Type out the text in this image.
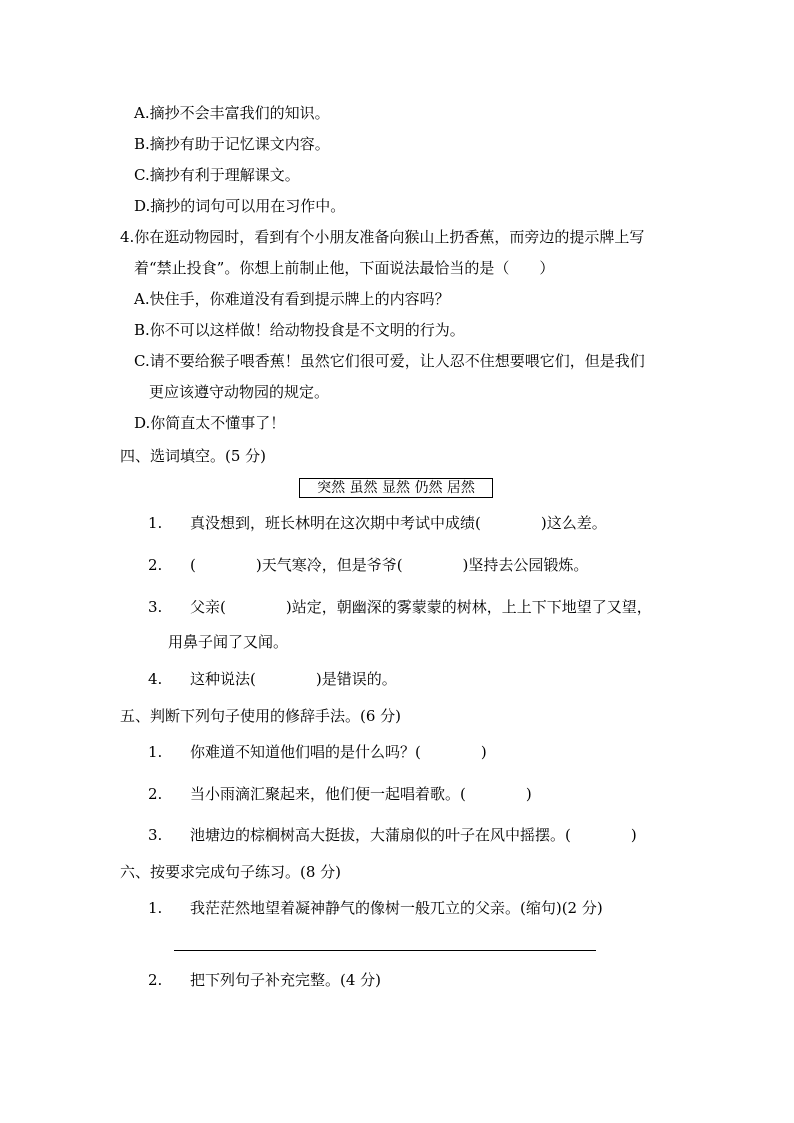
A.摘抄不会丰富我们的知识。
B.摘抄有助于记忆课文内容。
C.摘抄有利于理解课文。
D.摘抄的词句可以用在习作中。
4.你在逛动物园时，看到有个小朋友准备向猴山上扔香蕉，而旁边的提示牌上写
着“禁止投食”。你想上前制止他，下面说法最恰当的是（　　）
A.快住手，你难道没有看到提示牌上的内容吗？
B.你不可以这样做！给动物投食是不文明的行为。
C.请不要给猴子喂香蕉！虽然它们很可爱，让人忍不住想要喂它们，但是我们
更应该遵守动物园的规定。
D.你简直太不懂事了！
四、选词填空。(5 分)
突然 虽然 显然 仍然 居然
1.	真没想到，班长林明在这次期中考试中成绩(　　　　)这么差。
2.	(　　　　)天气寒冷，但是爷爷(　　　　)坚持去公园锻炼。
3.	父亲(　　　　)站定，朝幽深的雾蒙蒙的树林，上上下下地望了又望，
用鼻子闻了又闻。
4.	这种说法(　　　　)是错误的。
五、判断下列句子使用的修辞手法。(6 分)
1.	你难道不知道他们唱的是什么吗？(　　　　)
2.	当小雨滴汇聚起来，他们便一起唱着歌。(　　　　)
3.	池塘边的棕榈树高大挺拔，大蒲扇似的叶子在风中摇摆。(　　　　)
六、按要求完成句子练习。(8 分)
1.	我茫茫然地望着凝神静气的像树一般兀立的父亲。(缩句)(2 分)
2.	把下列句子补充完整。(4 分)
